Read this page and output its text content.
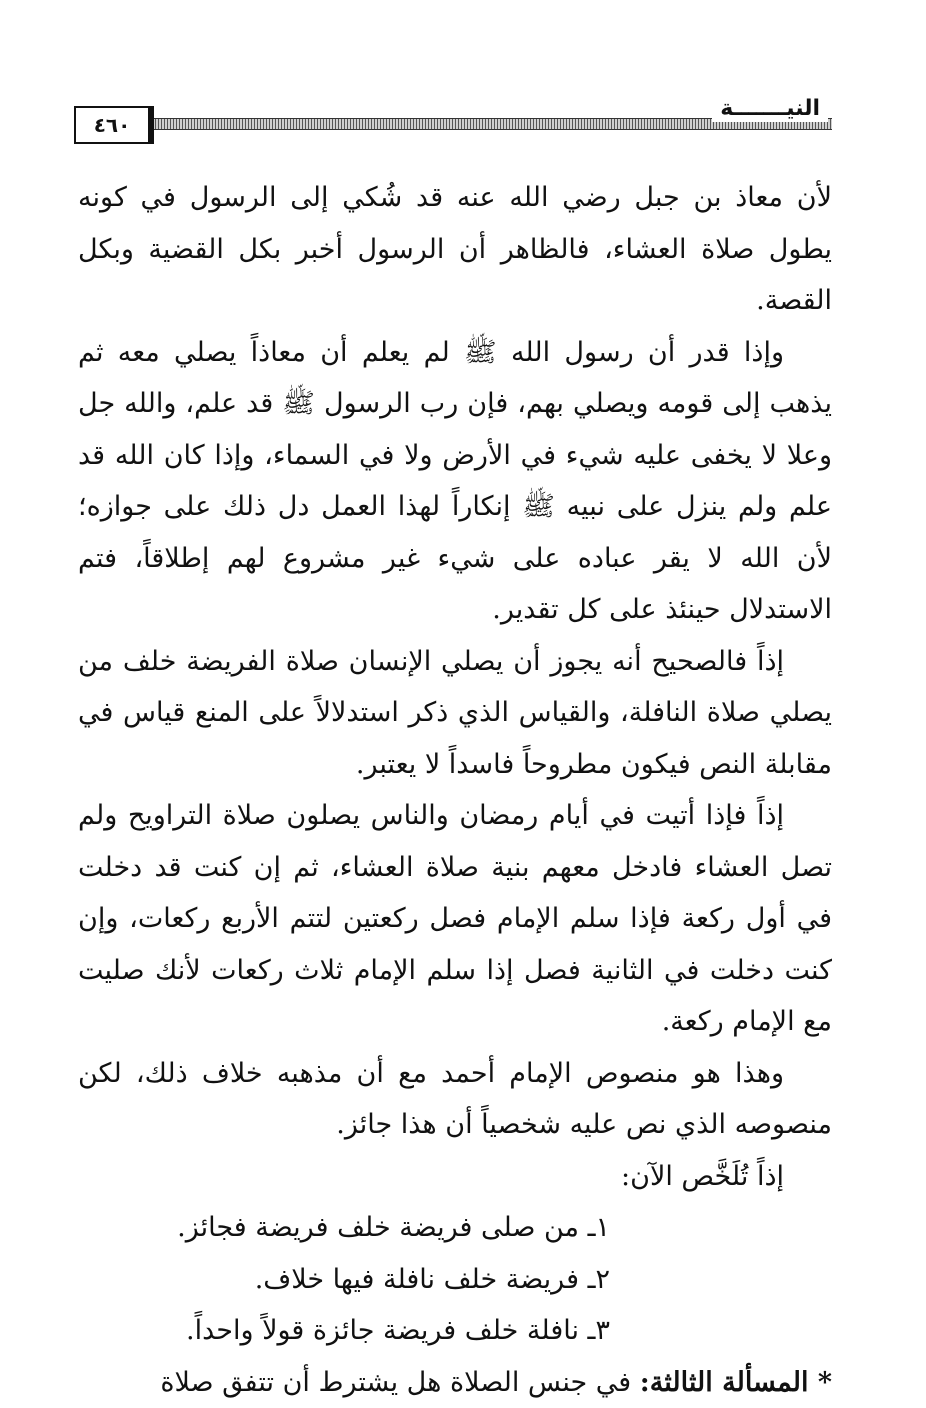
النيـــــــة
٤٦٠

لأن معاذ بن جبل رضي الله عنه قد شُكي إلى الرسول في كونه يطول صلاة العشاء، فالظاهر أن الرسول أخبر بكل القضية وبكل القصة.

وإذا قدر أن رسول الله ﷺ لم يعلم أن معاذاً يصلي معه ثم يذهب إلى قومه ويصلي بهم، فإن رب الرسول ﷺ قد علم، والله جل وعلا لا يخفى عليه شيء في الأرض ولا في السماء، وإذا كان الله قد علم ولم ينزل على نبيه ﷺ إنكاراً لهذا العمل دل ذلك على جوازه؛ لأن الله لا يقر عباده على شيء غير مشروع لهم إطلاقاً، فتم الاستدلال حينئذ على كل تقدير.

إذاً فالصحيح أنه يجوز أن يصلي الإنسان صلاة الفريضة خلف من يصلي صلاة النافلة، والقياس الذي ذكر استدلالاً على المنع قياس في مقابلة النص فيكون مطروحاً فاسداً لا يعتبر.

إذاً فإذا أتيت في أيام رمضان والناس يصلون صلاة التراويح ولم تصل العشاء فادخل معهم بنية صلاة العشاء، ثم إن كنت قد دخلت في أول ركعة فإذا سلم الإمام فصل ركعتين لتتم الأربع ركعات، وإن كنت دخلت في الثانية فصل إذا سلم الإمام ثلاث ركعات لأنك صليت مع الإمام ركعة.

وهذا هو منصوص الإمام أحمد مع أن مذهبه خلاف ذلك، لكن منصوصه الذي نص عليه شخصياً أن هذا جائز.

إذاً تُلَخَّص الآن:

١ـ من صلى فريضة خلف فريضة فجائز.

٢ـ فريضة خلف نافلة فيها خلاف.

٣ـ نافلة خلف فريضة جائزة قولاً واحداً.

* المسألة الثالثة: في جنس الصلاة هل يشترط أن تتفق صلاة
